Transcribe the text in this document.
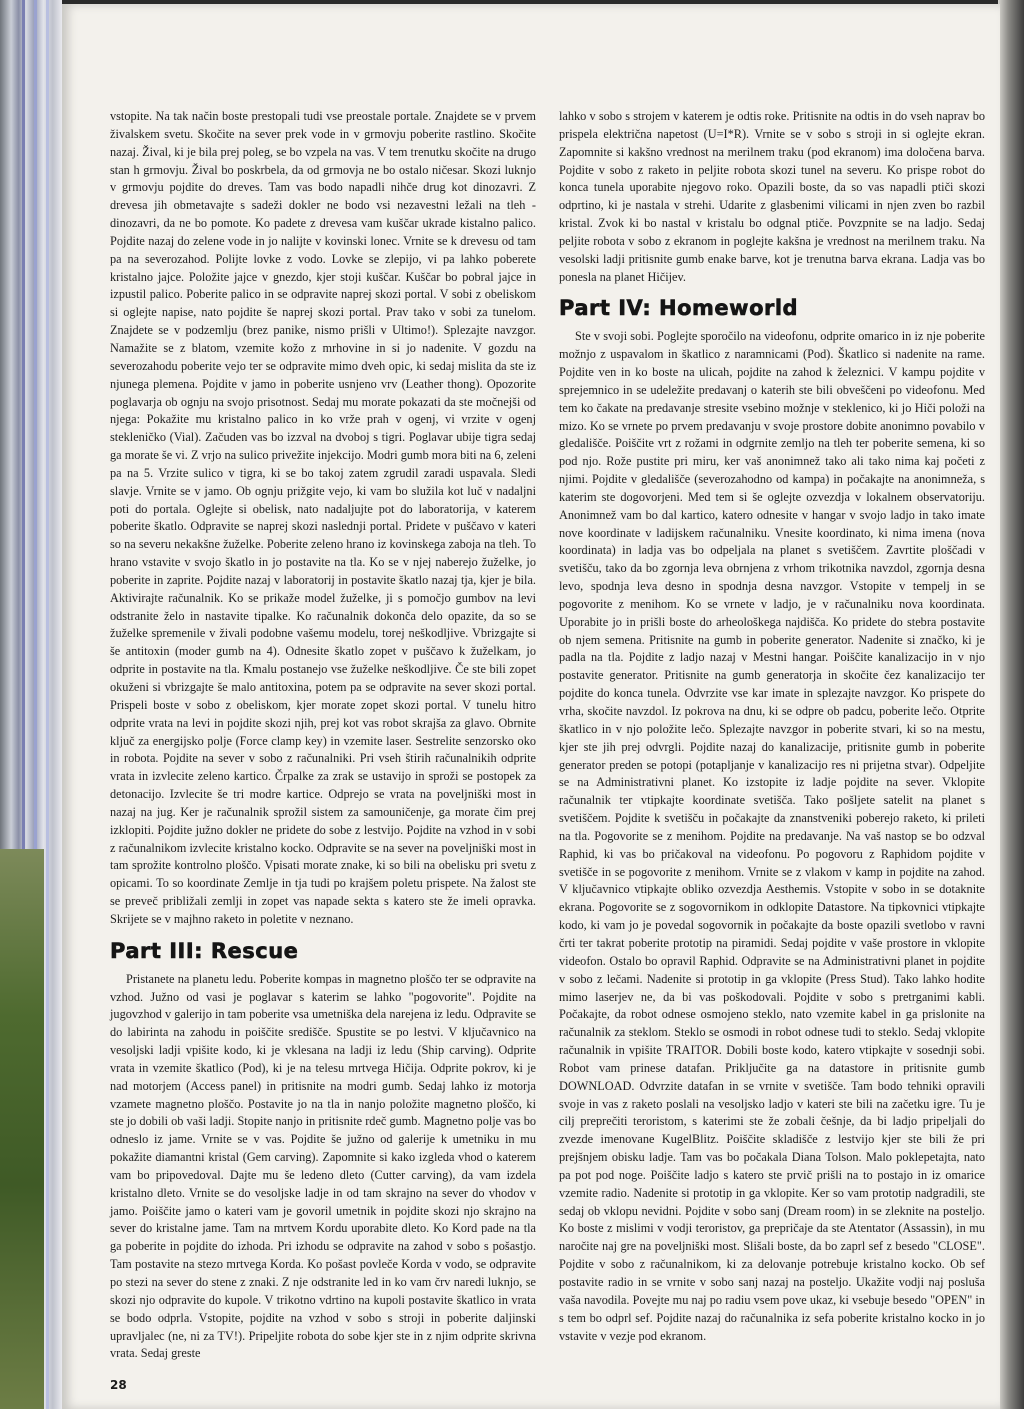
vstopite. Na tak način boste prestopali tudi vse preostale portale. Znajdete se v prvem živalskem svetu. Skočite na sever prek vode in v grmovju poberite rastlino. Skočite nazaj. Žival, ki je bila prej poleg, se bo vzpela na vas. V tem trenutku skočite na drugo stan h grmovju. Žival bo poskrbela, da od grmovja ne bo ostalo ničesar. Skozi luknjo v grmovju pojdite do dreves. Tam vas bodo napadli nihče drug kot dinozavri. Z drevesa jih obmetavajte s sadeži dokler ne bodo vsi nezavestni ležali na tleh - dinozavri, da ne bo pomote. Ko padete z drevesa vam kuščar ukrade kistalno palico. Pojdite nazaj do zelene vode in jo nalijte v kovinski lonec. Vrnite se k drevesu od tam pa na severozahod. Polijte lovke z vodo. Lovke se zlepijo, vi pa lahko poberete kristalno jajce. Položite jajce v gnezdo, kjer stoji kuščar. Kuščar bo pobral jajce in izpustil palico. Poberite palico in se odpravite naprej skozi portal. V sobi z obeliskom si oglejte napise, nato pojdite še naprej skozi portal. Prav tako v sobi za tunelom. Znajdete se v podzemlju (brez panike, nismo prišli v Ultimo!). Splezajte navzgor. Namažite se z blatom, vzemite kožo z mrhovine in si jo nadenite. V gozdu na severozahodu poberite vejo ter se odpravite mimo dveh opic, ki sedaj mislita da ste iz njunega plemena. Pojdite v jamo in poberite usnjeno vrv (Leather thong). Opozorite poglavarja ob ognju na svojo prisotnost. Sedaj mu morate pokazati da ste močnejši od njega: Pokažite mu kristalno palico in ko vrže prah v ogenj, vi vrzite v ogenj stekleničko (Vial). Začuden vas bo izzval na dvoboj s tigri. Poglavar ubije tigra sedaj ga morate še vi. Z vrjo na sulico privežite injekcijo. Modri gumb mora biti na 6, zeleni pa na 5. Vrzite sulico v tigra, ki se bo takoj zatem zgrudil zaradi uspavala. Sledi slavje. Vrnite se v jamo. Ob ognju prižgite vejo, ki vam bo služila kot luč v nadaljni poti do portala. Oglejte si obelisk, nato nadaljujte pot do laboratorija, v katerem poberite škatlo. Odpravite se naprej skozi naslednji portal. Pridete v puščavo v kateri so na severu nekakšne žuželke. Poberite zeleno hrano iz kovinskega zaboja na tleh. To hrano vstavite v svojo škatlo in jo postavite na tla. Ko se v njej naberejo žuželke, jo poberite in zaprite. Pojdite nazaj v laboratorij in postavite škatlo nazaj tja, kjer je bila. Aktivirajte računalnik. Ko se prikaže model žuželke, ji s pomočjo gumbov na levi odstranite želo in nastavite tipalke. Ko računalnik dokonča delo opazite, da so se žuželke spremenile v živali podobne vašemu modelu, torej neškodljive. Vbrizgajte si še antitoxin (moder gumb na 4). Odnesite škatlo zopet v puščavo k žuželkam, jo odprite in postavite na tla. Kmalu postanejo vse žuželke neškodljive. Če ste bili zopet okuženi si vbrizgajte še malo antitoxina, potem pa se odpravite na sever skozi portal. Prispeli boste v sobo z obeliskom, kjer morate zopet skozi portal. V tunelu hitro odprite vrata na levi in pojdite skozi njih, prej kot vas robot skrajša za glavo. Obrnite ključ za energijsko polje (Force clamp key) in vzemite laser. Sestrelite senzorsko oko in robota. Pojdite na sever v sobo z računalniki. Pri vseh štirih računalnikih odprite vrata in izvlecite zeleno kartico. Črpalke za zrak se ustavijo in sproži se postopek za detonacijo. Izvlecite še tri modre kartice. Odprejo se vrata na poveljniški most in nazaj na jug. Ker je računalnik sprožil sistem za samouničenje, ga morate čim prej izklopiti. Pojdite južno dokler ne pridete do sobe z lestvijo. Pojdite na vzhod in v sobi z računalnikom izvlecite kristalno kocko. Odpravite se na sever na poveljniški most in tam sprožite kontrolno ploščo. Vpisati morate znake, ki so bili na obelisku pri svetu z opicami. To so koordinate Zemlje in tja tudi po krajšem poletu prispete. Na žalost ste se preveč približali zemlji in zopet vas napade sekta s katero ste že imeli opravka. Skrijete se v majhno raketo in poletite v neznano.

Part III: Rescue

Pristanete na planetu ledu. Poberite kompas in magnetno ploščo ter se odpravite na vzhod. Južno od vasi je poglavar s katerim se lahko "pogovorite". Pojdite na jugovzhod v galerijo in tam poberite vsa umetniška dela narejena iz ledu. Odpravite se do labirinta na zahodu in poiščite središče. Spustite se po lestvi. V ključavnico na vesoljski ladji vpišite kodo, ki je vklesana na ladji iz ledu (Ship carving). Odprite vrata in vzemite škatlico (Pod), ki je na telesu mrtvega Hičija. Odprite pokrov, ki je nad motorjem (Access panel) in pritisnite na modri gumb. Sedaj lahko iz motorja vzamete magnetno ploščo. Postavite jo na tla in nanjo položite magnetno ploščo, ki ste jo dobili ob vaši ladji. Stopite nanjo in pritisnite rdeč gumb. Magnetno polje vas bo odneslo iz jame. Vrnite se v vas. Pojdite še južno od galerije k umetniku in mu pokažite diamantni kristal (Gem carving). Zapomnite si kako izgleda vhod o katerem vam bo pripovedoval. Dajte mu še ledeno dleto (Cutter carving), da vam izdela kristalno dleto. Vrnite se do vesoljske ladje in od tam skrajno na sever do vhodov v jamo. Poiščite jamo o kateri vam je govoril umetnik in pojdite skozi njo skrajno na sever do kristalne jame. Tam na mrtvem Kordu uporabite dleto. Ko Kord pade na tla ga poberite in pojdite do izhoda. Pri izhodu se odpravite na zahod v sobo s pošastjo. Tam postavite na stezo mrtvega Korda. Ko pošast povleče Korda v vodo, se odpravite po stezi na sever do stene z znaki. Z nje odstranite led in ko vam črv naredi luknjo, se skozi njo odpravite do kupole. V trikotno vdrtino na kupoli postavite škatlico in vrata se bodo odprla. Vstopite, pojdite na vzhod v sobo s stroji in poberite daljinski upravljalec (ne, ni za TV!). Pripeljite robota do sobe kjer ste in z njim odprite skrivna vrata. Sedaj greste

lahko v sobo s strojem v katerem je odtis roke. Pritisnite na odtis in do vseh naprav bo prispela električna napetost (U=I*R). Vrnite se v sobo s stroji in si oglejte ekran. Zapomnite si kakšno vrednost na merilnem traku (pod ekranom) ima določena barva. Pojdite v sobo z raketo in peljite robota skozi tunel na severu. Ko prispe robot do konca tunela uporabite njegovo roko. Opazili boste, da so vas napadli ptiči skozi odprtino, ki je nastala v strehi. Udarite z glasbenimi vilicami in njen zven bo razbil kristal. Zvok ki bo nastal v kristalu bo odgnal ptiče. Povzpnite se na ladjo. Sedaj peljite robota v sobo z ekranom in poglejte kakšna je vrednost na merilnem traku. Na vesolski ladji pritisnite gumb enake barve, kot je trenutna barva ekrana. Ladja vas bo ponesla na planet Hičijev.

Part IV: Homeworld

Ste v svoji sobi. Poglejte sporočilo na videofonu, odprite omarico in iz nje poberite možnjo z uspavalom in škatlico z naramnicami (Pod). Škatlico si nadenite na rame. Pojdite ven in ko boste na ulicah, pojdite na zahod k železnici. V kampu pojdite v sprejemnico in se udeležite predavanj o katerih ste bili obveščeni po videofonu. Med tem ko čakate na predavanje stresite vsebino možnje v steklenico, ki jo Hiči položi na mizo. Ko se vrnete po prvem predavanju v svoje prostore dobite anonimno povabilo v gledališče. Poiščite vrt z rožami in odgrnite zemljo na tleh ter poberite semena, ki so pod njo. Rože pustite pri miru, ker vaš anonimnež tako ali tako nima kaj početi z njimi. Pojdite v gledališče (severozahodno od kampa) in počakajte na anonimneža, s katerim ste dogovorjeni. Med tem si še oglejte ozvezdja v lokalnem observatoriju. Anonimnež vam bo dal kartico, katero odnesite v hangar v svojo ladjo in tako imate nove koordinate v ladijskem računalniku. Vnesite koordinato, ki nima imena (nova koordinata) in ladja vas bo odpeljala na planet s svetiščem. Zavrtite ploščadi v svetišču, tako da bo zgornja leva obrnjena z vrhom trikotnika navzdol, zgornja desna levo, spodnja leva desno in spodnja desna navzgor. Vstopite v tempelj in se pogovorite z menihom. Ko se vrnete v ladjo, je v računalniku nova koordinata. Uporabite jo in prišli boste do arheološkega najdišča. Ko pridete do stebra postavite ob njem semena. Pritisnite na gumb in poberite generator. Nadenite si značko, ki je padla na tla. Pojdite z ladjo nazaj v Mestni hangar. Poiščite kanalizacijo in v njo postavite generator. Pritisnite na gumb generatorja in skočite čez kanalizacijo ter pojdite do konca tunela. Odvrzite vse kar imate in splezajte navzgor. Ko prispete do vrha, skočite navzdol. Iz pokrova na dnu, ki se odpre ob padcu, poberite lečo. Otprite škatlico in v njo položite lečo. Splezajte navzgor in poberite stvari, ki so na mestu, kjer ste jih prej odvrgli. Pojdite nazaj do kanalizacije, pritisnite gumb in poberite generator preden se potopi (potapljanje v kanalizacijo res ni prijetna stvar). Odpeljite se na Administrativni planet. Ko izstopite iz ladje pojdite na sever. Vklopite računalnik ter vtipkajte koordinate svetišča. Tako pošljete satelit na planet s svetiščem. Pojdite k svetišču in počakajte da znanstveniki poberejo raketo, ki prileti na tla. Pogovorite se z menihom. Pojdite na predavanje. Na vaš nastop se bo odzval Raphid, ki vas bo pričakoval na videofonu. Po pogovoru z Raphidom pojdite v svetišče in se pogovorite z menihom. Vrnite se z vlakom v kamp in pojdite na zahod. V ključavnico vtipkajte obliko ozvezdja Aesthemis. Vstopite v sobo in se dotaknite ekrana. Pogovorite se z sogovornikom in odklopite Datastore. Na tipkovnici vtipkajte kodo, ki vam jo je povedal sogovornik in počakajte da boste opazili svetlobo v ravni črti ter takrat poberite prototip na piramidi. Sedaj pojdite v vaše prostore in vklopite videofon. Ostalo bo opravil Raphid. Odpravite se na Administrativni planet in pojdite v sobo z lečami. Nadenite si prototip in ga vklopite (Press Stud). Tako lahko hodite mimo laserjev ne, da bi vas poškodovali. Pojdite v sobo s pretrganimi kabli. Počakajte, da robot odnese osmojeno steklo, nato vzemite kabel in ga prislonite na računalnik za steklom. Steklo se osmodi in robot odnese tudi to steklo. Sedaj vklopite računalnik in vpišite TRAITOR. Dobili boste kodo, katero vtipkajte v sosednji sobi. Robot vam prinese datafan. Priključite ga na datastore in pritisnite gumb DOWNLOAD. Odvrzite datafan in se vrnite v svetišče. Tam bodo tehniki opravili svoje in vas z raketo poslali na vesoljsko ladjo v kateri ste bili na začetku igre. Tu je cilj preprečiti teroristom, s katerimi ste že zobali češnje, da bi ladjo pripeljali do zvezde imenovane KugelBlitz. Poiščite skladišče z lestvijo kjer ste bili že pri prejšnjem obisku ladje. Tam vas bo počakala Diana Tolson. Malo poklepetajta, nato pa pot pod noge. Poiščite ladjo s katero ste prvič prišli na to postajo in iz omarice vzemite radio. Nadenite si prototip in ga vklopite. Ker so vam prototip nadgradili, ste sedaj ob vklopu nevidni. Pojdite v sobo sanj (Dream room) in se zleknite na posteljo. Ko boste z mislimi v vodji teroristov, ga prepričaje da ste Atentator (Assassin), in mu naročite naj gre na poveljniški most. Slišali boste, da bo zaprl sef z besedo "CLOSE". Pojdite v sobo z računalnikom, ki za delovanje potrebuje kristalno kocko. Ob sef postavite radio in se vrnite v sobo sanj nazaj na posteljo. Ukažite vodji naj posluša vaša navodila. Povejte mu naj po radiu vsem pove ukaz, ki vsebuje besedo "OPEN" in s tem bo odprl sef. Pojdite nazaj do računalnika iz sefa poberite kristalno kocko in jo vstavite v vezje pod ekranom.

28
